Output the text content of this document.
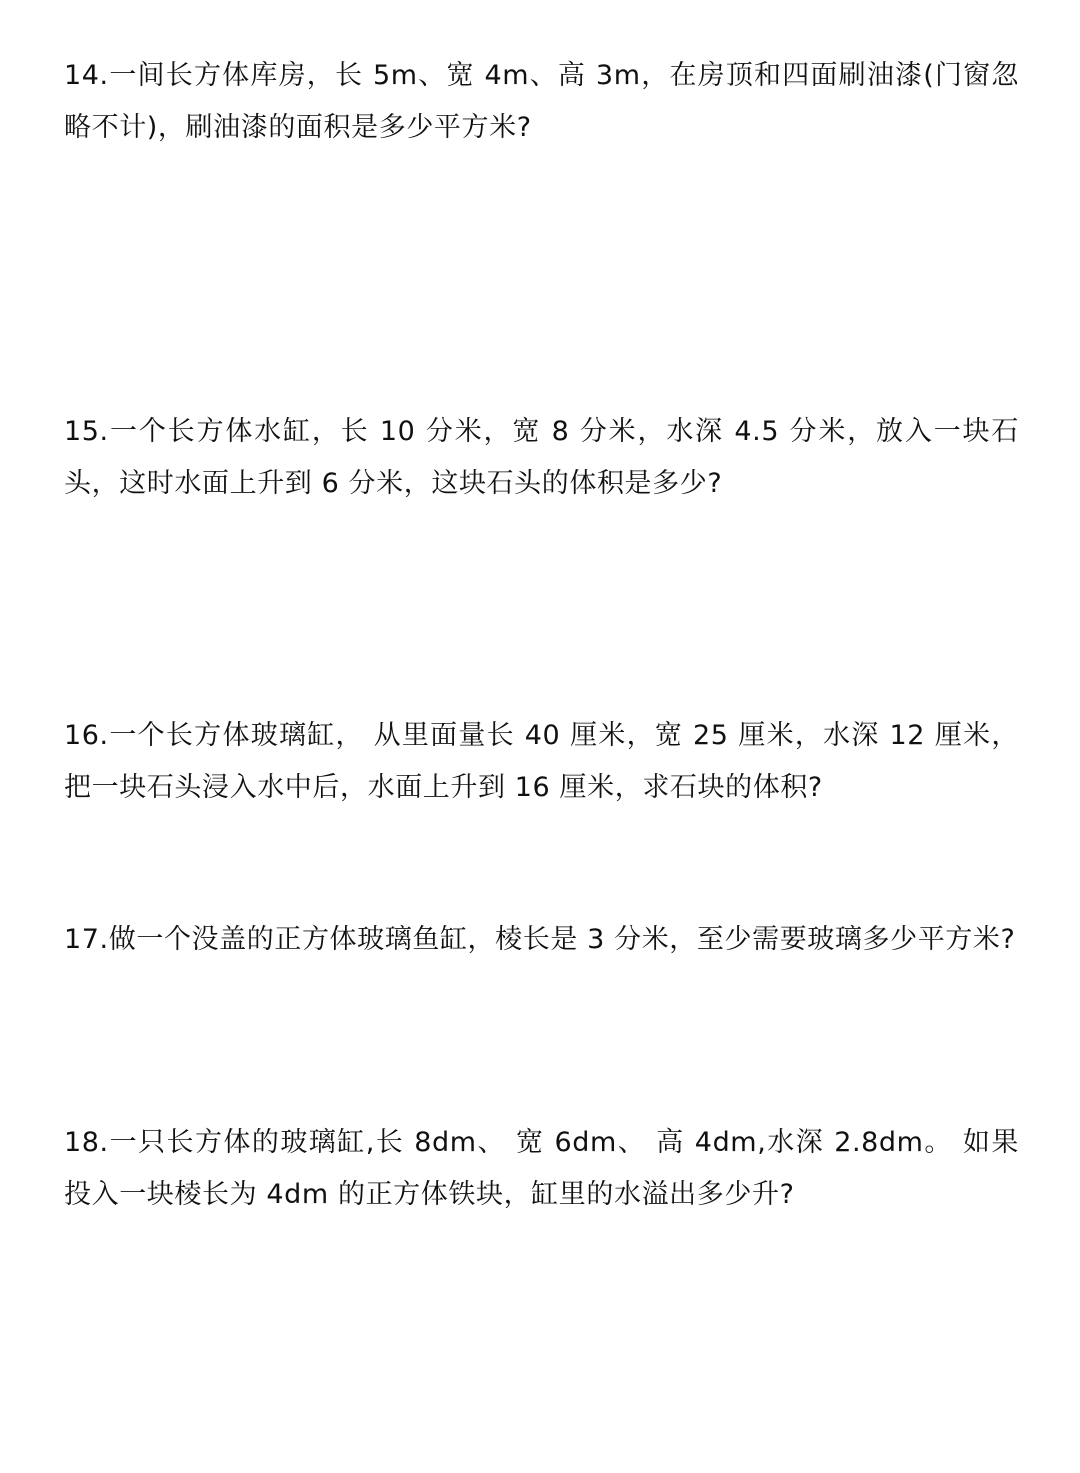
14.一间长方体库房，长 5m、宽 4m、高 3m，在房顶和四面刷油漆(门窗忽略不计)，刷油漆的面积是多少平方米?

15.一个长方体水缸，长 10 分米，宽 8 分米，水深 4.5 分米，放入一块石头，这时水面上升到 6 分米，这块石头的体积是多少?

16.一个长方体玻璃缸， 从里面量长 40 厘米，宽 25 厘米，水深 12 厘米，把一块石头浸入水中后，水面上升到 16 厘米，求石块的体积?

17.做一个没盖的正方体玻璃鱼缸，棱长是 3 分米，至少需要玻璃多少平方米?

18.一只长方体的玻璃缸,长 8dm、 宽 6dm、 高 4dm,水深 2.8dm。 如果投入一块棱长为 4dm 的正方体铁块，缸里的水溢出多少升?
